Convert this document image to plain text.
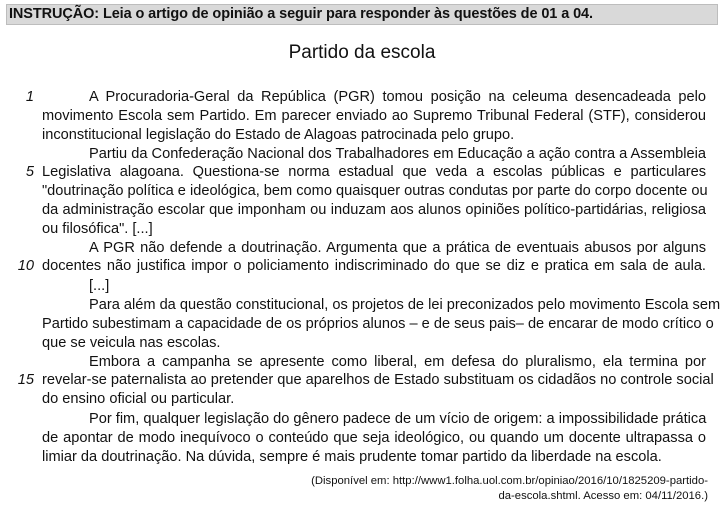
INSTRUÇÃO: Leia o artigo de opinião a seguir para responder às questões de 01 a 04.
Partido da escola
1
5
10
15
A Procuradoria-Geral da República (PGR) tomou posição na celeuma desencadeada pelo
movimento Escola sem Partido. Em parecer enviado ao Supremo Tribunal Federal (STF), considerou
inconstitucional legislação do Estado de Alagoas patrocinada pelo grupo.
Partiu da Confederação Nacional dos Trabalhadores em Educação a ação contra a Assembleia
Legislativa alagoana. Questiona-se norma estadual que veda a escolas públicas e particulares
"doutrinação política e ideológica, bem como quaisquer outras condutas por parte do corpo docente ou
da administração escolar que imponham ou induzam aos alunos opiniões político-partidárias, religiosa
ou filosófica". [...]
A PGR não defende a doutrinação. Argumenta que a prática de eventuais abusos por alguns
docentes não justifica impor o policiamento indiscriminado do que se diz e pratica em sala de aula.
[...]
Para além da questão constitucional, os projetos de lei preconizados pelo movimento Escola sem
Partido subestimam a capacidade de os próprios alunos – e de seus pais– de encarar de modo crítico o
que se veicula nas escolas.
Embora a campanha se apresente como liberal, em defesa do pluralismo, ela termina por
revelar-se paternalista ao pretender que aparelhos de Estado substituam os cidadãos no controle social
do ensino oficial ou particular.
Por fim, qualquer legislação do gênero padece de um vício de origem: a impossibilidade prática
de apontar de modo inequívoco o conteúdo que seja ideológico, ou quando um docente ultrapassa o
limiar da doutrinação. Na dúvida, sempre é mais prudente tomar partido da liberdade na escola.
(Disponível em: http://www1.folha.uol.com.br/opiniao/2016/10/1825209-partido-
da-escola.shtml. Acesso em: 04/11/2016.)
